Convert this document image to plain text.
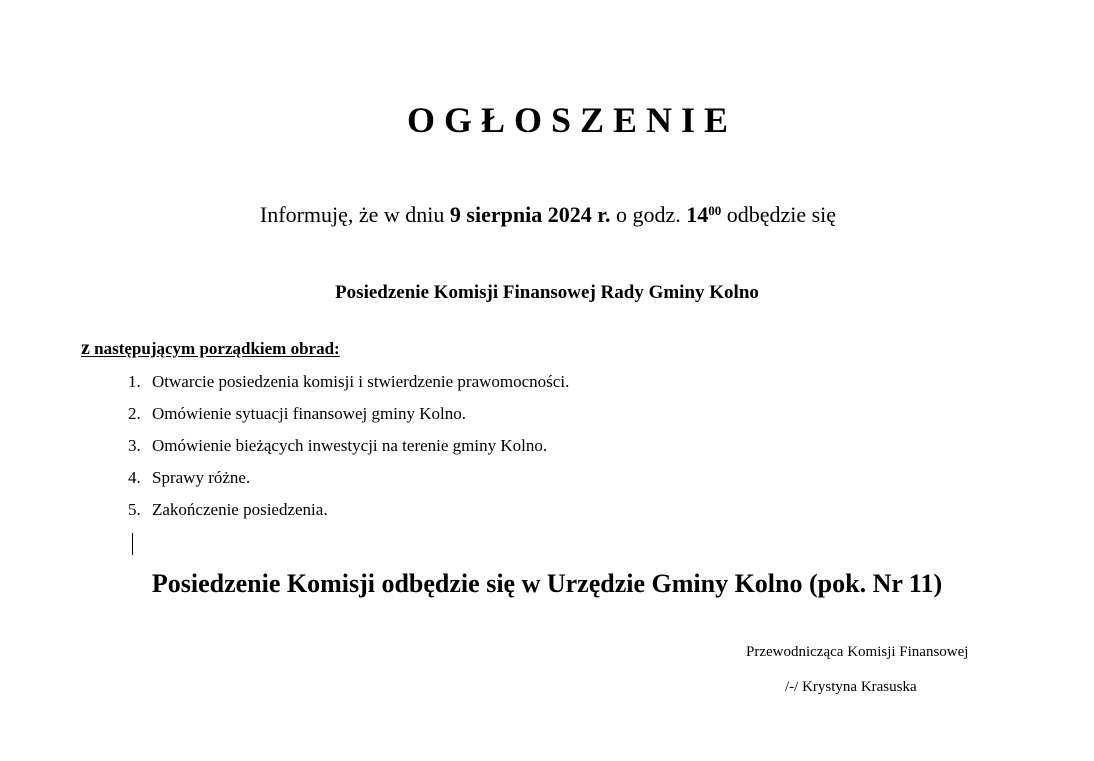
OGŁOSZENIE
Informuję, że w dniu 9 sierpnia 2024 r. o godz. $14^{00}$ odbędzie się
Posiedzenie Komisji Finansowej Rady Gminy Kolno
z następującym porządkiem obrad:
1. Otwarcie posiedzenia komisji i stwierdzenie prawomocności.
2. Omówienie sytuacji finansowej gminy Kolno.
3. Omówienie bieżących inwestycji na terenie gminy Kolno.
4. Sprawy różne.
5. Zakończenie posiedzenia.
Posiedzenie Komisji odbędzie się w Urzędzie Gminy Kolno (pok. Nr 11)
Przewodnicząca Komisji Finansowej
/-/ Krystyna Krasuska
